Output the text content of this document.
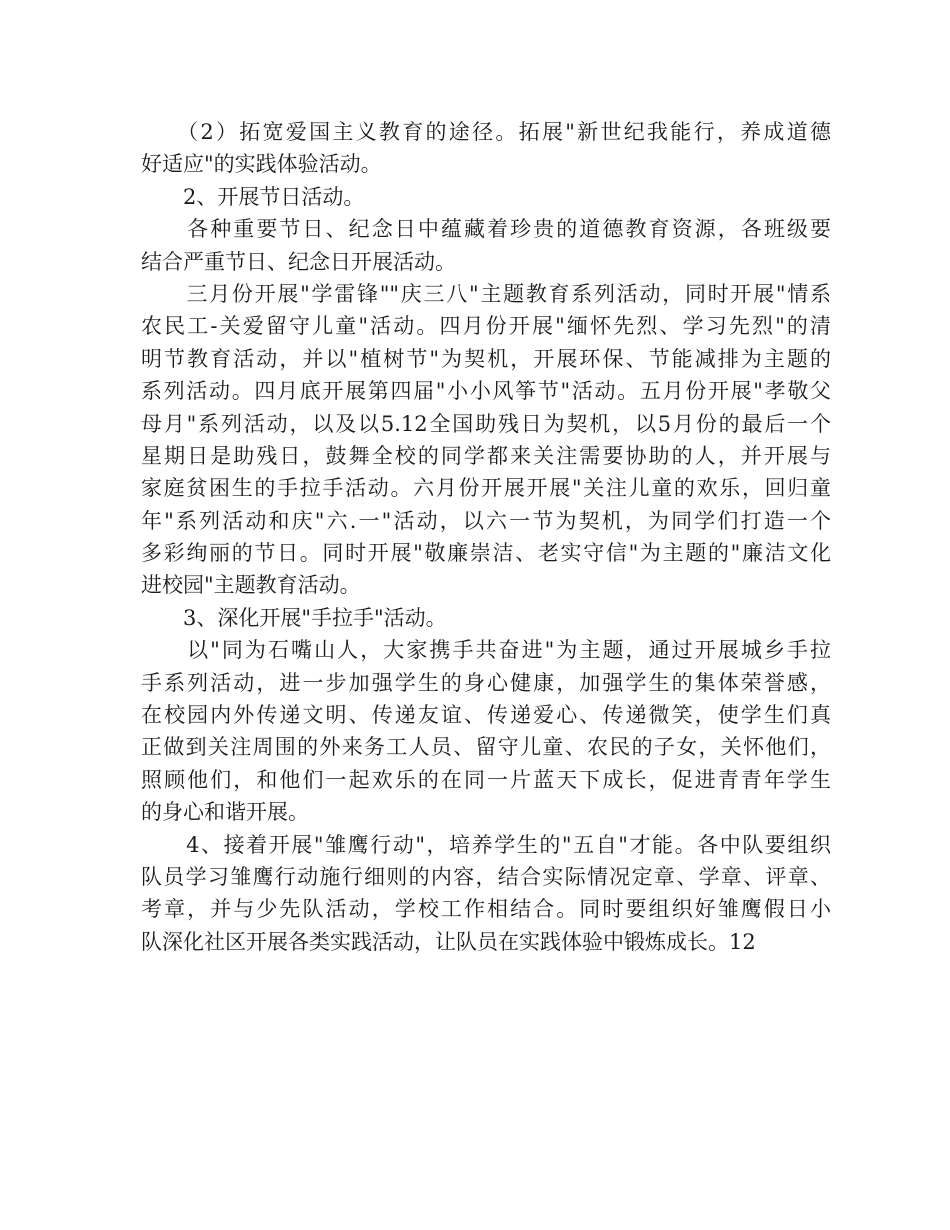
　　（2）拓宽爱国主义教育的途径。拓展"新世纪我能行，养成道德
好适应"的实践体验活动。
　　2、开展节日活动。
　　各种重要节日、纪念日中蕴藏着珍贵的道德教育资源，各班级要
结合严重节日、纪念日开展活动。
　　三月份开展"学雷锋""庆三八"主题教育系列活动，同时开展"情系
农民工-关爱留守儿童"活动。四月份开展"缅怀先烈、学习先烈"的清
明节教育活动，并以"植树节"为契机，开展环保、节能减排为主题的
系列活动。四月底开展第四届"小小风筝节"活动。五月份开展"孝敬父
母月"系列活动，以及以5.12全国助残日为契机，以5月份的最后一个
星期日是助残日，鼓舞全校的同学都来关注需要协助的人，并开展与
家庭贫困生的手拉手活动。六月份开展开展"关注儿童的欢乐，回归童
年"系列活动和庆"六.一"活动，以六一节为契机，为同学们打造一个
多彩绚丽的节日。同时开展"敬廉崇洁、老实守信"为主题的"廉洁文化
进校园"主题教育活动。
　　3、深化开展"手拉手"活动。
　　以"同为石嘴山人，大家携手共奋进"为主题，通过开展城乡手拉
手系列活动，进一步加强学生的身心健康，加强学生的集体荣誉感，
在校园内外传递文明、传递友谊、传递爱心、传递微笑，使学生们真
正做到关注周围的外来务工人员、留守儿童、农民的子女，关怀他们，
照顾他们，和他们一起欢乐的在同一片蓝天下成长，促进青青年学生
的身心和谐开展。
　　4、接着开展"雏鹰行动"，培养学生的"五自"才能。各中队要组织
队员学习雏鹰行动施行细则的内容，结合实际情况定章、学章、评章、
考章，并与少先队活动，学校工作相结合。同时要组织好雏鹰假日小
队深化社区开展各类实践活动，让队员在实践体验中锻炼成长。12
